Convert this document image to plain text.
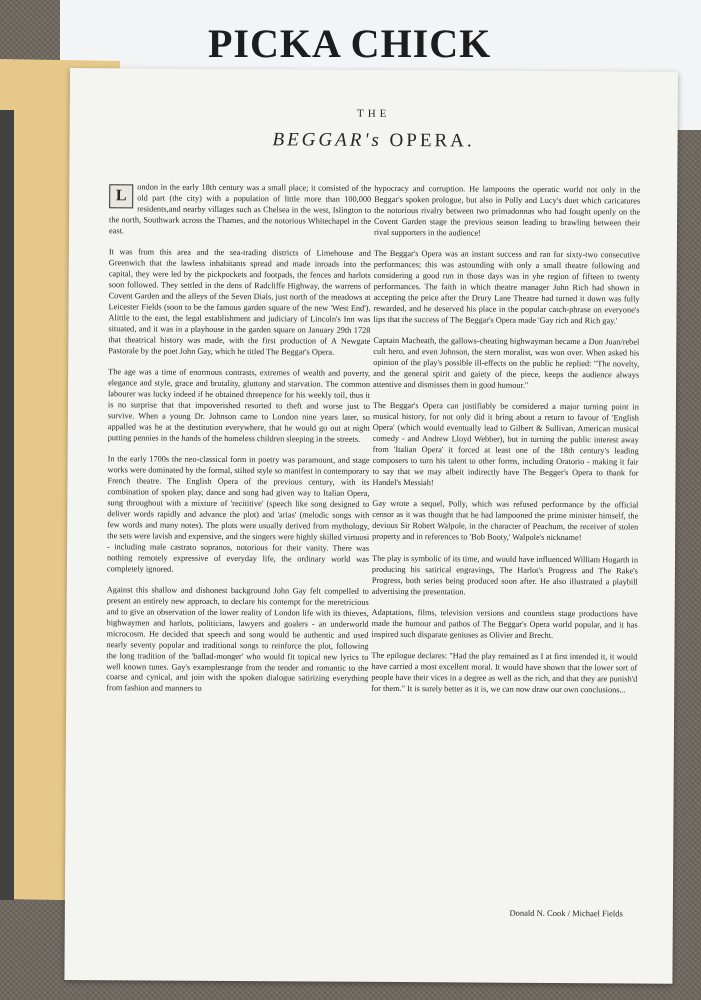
PICKA CHICK
THE
BEGGAR's OPERA.

L	ondon in the early 18th century was a small place; it consisted of the old part (the city) with a population of little more than 100,000 residents,and nearby villages such as Chelsea in the west, Islington to the north, Southwark across the Thames, and the notorious Whitechapel in the east.

It was from this area and the sea-trading districts of Limehouse and Greenwich that the lawless inhabitants spread and made inroads into the capital, they were led by the pickpockets and footpads, the fences and harlots soon followed. They settled in the dens of Radcliffe Highway, the warrens of Covent Garden and the alleys of the Seven Dials, just north of the meadows at Leicester Fields (soon to be the famous garden square of the new 'West End'). Alittle to the east, the legal establishment and judiciary of Lincoln's Inn was situated, and it was in a playhouse in the garden square on January 29th 1728 that theatrical history was made, with the first production of A Newgate Pastorale by the poet John Gay, which he titled The Beggar's Opera.

The age was a time of enormous contrasts, extremes of wealth and poverty, elegance and style, grace and brutality, gluttony and starvation. The common labourer was lucky indeed if he obtained threepence for his weekly toil, thus it is no surprise that that impoverished resorted to theft and worse just to survive. When a young Dr. Johnson came to London nine years later, so appalled was he at the destitution everywhere, that he would go out at night putting pennies in the hands of the homeless children sleeping in the streets.

In the early 1700s the neo-classical form in poetry was paramount, and stage works were dominated by the formal, stilted style so manifest in contemporary French theatre. The English Opera of the previous century, with its combination of spoken play, dance and song had given way to Italian Opera, sung throughout with a mixture of 'recititive' (speech like song designed to deliver words rapidly and advance the plot) and 'arias' (melodic songs with few words and many notes). The plots were usually derived from mythology, the sets were lavish and expensive, and the singers were highly skilled virtuosi - including male castrato sopranos, notorious for their vanity. There was nothing remotely expressive of everyday life, the ordinary world was completely ignored.

Against this shallow and dishonest background John Gay felt compelled to present an entirely new approach, to declare his contempt for the meretricious and to give an observation of the lower reality of London life with its thieves, highwaymen and harlots, politicians, lawyers and goalers - an underworld microcosm. He decided that speech and song would be authentic and used nearly seventy popular and traditional songs to reinforce the plot, following the long tradition of the 'ballad-monger' who would fit topical new lyrics to well known tunes. Gay's examplesrange from the tender and romantic to the coarse and cynical, and join with the spoken dialogue satirizing everything from fashion and manners to

hypocracy and corruption. He lampoons the operatic world not only in the Beggar's spoken prologue, but also in Polly and Lucy's duet which caricatures the notorious rivalry between two primadonnas who had fought openly on the Covent Garden stage the previous season leading to brawling between their rival supporters in the audience!

The Beggar's Opera was an instant success and ran for sixty-two consecutive performances; this was astounding with only a small theatre following and considering a good run in those days was in yhe region of fifteen to twenty performances. The faith in which theatre manager John Rich had shown in accepting the peice after the Drury Lane Theatre had turned it down was fully rewarded, and he deserved his place in the popular catch-phrase on everyone's lips that the success of The Beggar's Opera made 'Gay rich and Rich gay.'

Captain Macheath, the gallows-cheating highwayman became a Don Juan/rebel cult hero, and even Johnson, the stern moralist, was won over. When asked his opinion of the play's possible ill-effects on the public he replied: "The novelty, and the general spirit and gaiety of the piece, keeps the audience always attentive and dismisses them in good humour."

The Beggar's Opera can justifiably be considered a major turning point in musical history, for not only did it bring about a return to favour of 'English Opera' (which would eventually lead to Gilbert & Sullivan, American musical comedy - and Andrew Lloyd Webber), but in turning the public interest away from 'Italian Opera' it forced at least one of the 18th century's leading composers to turn his talent to other forms, including Oratorio - making it fair to say that we may albeit indirectly have The Begger's Opera to thank for Handel's Messiah!

Gay wrote a sequel, Polly, which was refused performance by the official censor as it was thought that he had lampooned the prime minister himself, the devious Sir Robert Walpole, in the character of Peachum, the receiver of stolen property and in references to 'Bob Booty,' Walpole's nickname!

The play is symbolic of its time, and would have influenced William Hogarth in producing his satirical engravings, The Harlot's Progress and The Rake's Progress, both series being produced soon after. He also illustrated a playbill advertising the presentation.

Adaptations, films, television versions and countless stage productions have made the humour and pathos of The Beggar's Opera world popular, and it has inspired such disparate geniuses as Olivier and Brecht.

The epilogue declares: "Had the play remained as I at first intended it, it would have carried a most excellent moral. It would have shown that the lower sort of people have their vices in a degree as well as the rich, and that they are punish'd for them." It is surely better as it is, we can now draw our own conclusions...

Donald N. Cook / Michael Fields
